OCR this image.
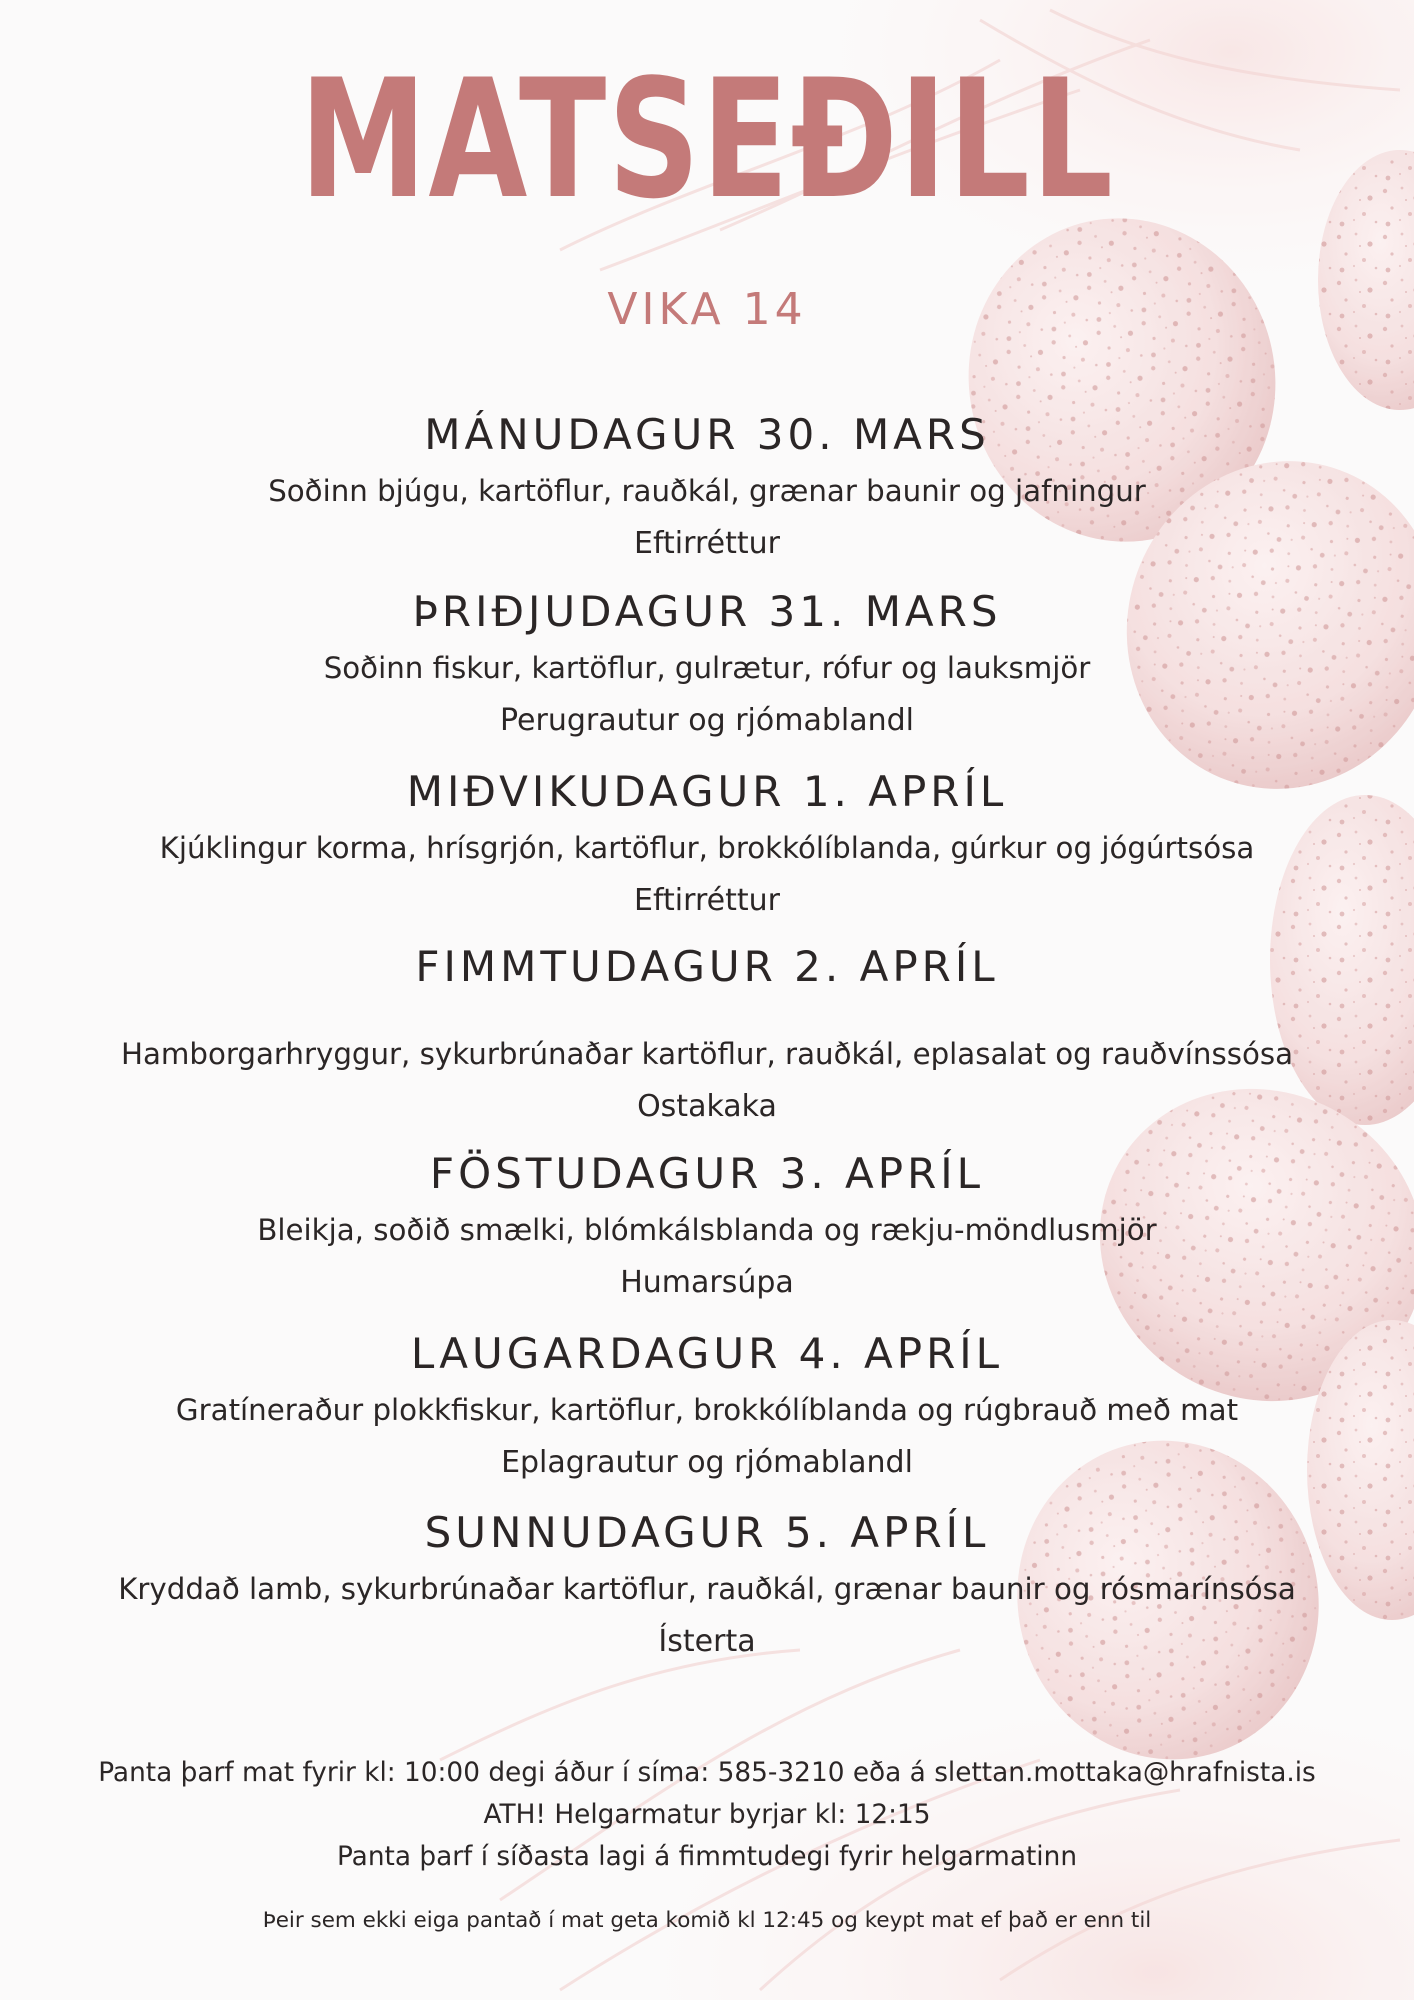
MATSEÐILL
VIKA 14
MÁNUDAGUR 30. MARS
Soðinn bjúgu, kartöflur, rauðkál, grænar baunir og jafningur
Eftirréttur
ÞRIÐJUDAGUR 31. MARS
Soðinn fiskur, kartöflur, gulrætur, rófur og lauksmjör
Perugrautur og rjómablandl
MIÐVIKUDAGUR 1. APRÍL
Kjúklingur korma, hrísgrjón, kartöflur, brokkólíblanda, gúrkur og jógúrtsósa
Eftirréttur
FIMMTUDAGUR 2. APRÍL
Hamborgarhryggur, sykurbrúnaðar kartöflur, rauðkál, eplasalat og rauðvínssósa
Ostakaka
FÖSTUDAGUR 3. APRÍL
Bleikja, soðið smælki, blómkálsblanda og rækju-möndlusmjör
Humarsúpa
LAUGARDAGUR 4. APRÍL
Gratíneraður plokkfiskur, kartöflur, brokkólíblanda og rúgbrauð með mat
Eplagrautur og rjómablandl
SUNNUDAGUR 5. APRÍL
Kryddað lamb, sykurbrúnaðar kartöflur, rauðkál, grænar baunir og rósmarínsósa
Ísterta
Panta þarf mat fyrir kl: 10:00 degi áður í síma: 585-3210 eða á slettan.mottaka@hrafnista.is
ATH! Helgarmatur byrjar kl: 12:15
Panta þarf í síðasta lagi á fimmtudegi fyrir helgarmatinn
Þeir sem ekki eiga pantað í mat geta komið kl 12:45 og keypt mat ef það er enn til
